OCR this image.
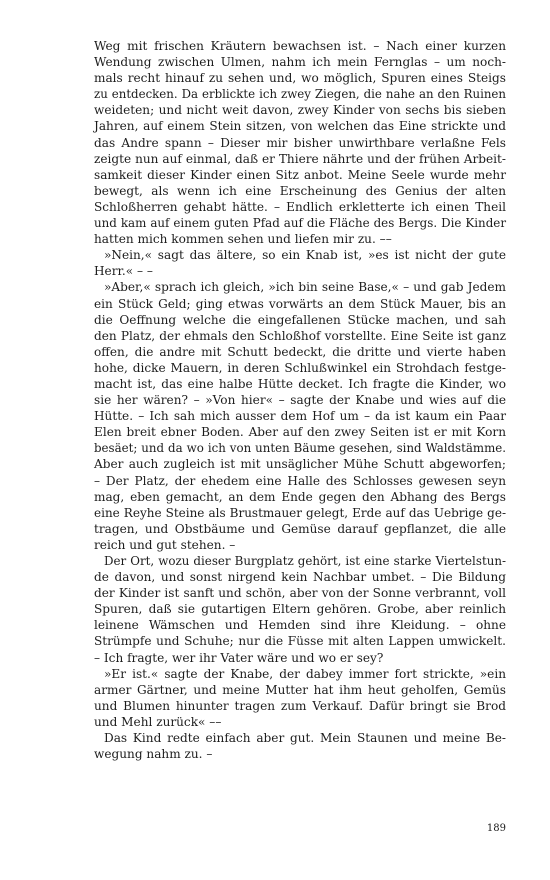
Weg mit frischen Kräutern bewachsen ist. – Nach einer kurzen
Wendung zwischen Ulmen, nahm ich mein Fernglas – um noch-
mals recht hinauf zu sehen und, wo möglich, Spuren eines Steigs
zu entdecken. Da erblickte ich zwey Ziegen, die nahe an den Ruinen
weideten; und nicht weit davon, zwey Kinder von sechs bis sieben
Jahren, auf einem Stein sitzen, von welchen das Eine strickte und
das Andre spann – Dieser mir bisher unwirthbare verlaßne Fels
zeigte nun auf einmal, daß er Thiere nährte und der frühen Arbeit-
samkeit dieser Kinder einen Sitz anbot. Meine Seele wurde mehr
bewegt, als wenn ich eine Erscheinung des Genius der alten
Schloßherren gehabt hätte. – Endlich erkletterte ich einen Theil
und kam auf einem guten Pfad auf die Fläche des Bergs. Die Kinder
hatten mich kommen sehen und liefen mir zu. ––
»Nein,« sagt das ältere, so ein Knab ist, »es ist nicht der gute
Herr.« – –
»Aber,« sprach ich gleich, »ich bin seine Base,« – und gab Jedem
ein Stück Geld; ging etwas vorwärts an dem Stück Mauer, bis an
die Oeffnung welche die eingefallenen Stücke machen, und sah
den Platz, der ehmals den Schloßhof vorstellte. Eine Seite ist ganz
offen, die andre mit Schutt bedeckt, die dritte und vierte haben
hohe, dicke Mauern, in deren Schlußwinkel ein Strohdach festge-
macht ist, das eine halbe Hütte decket. Ich fragte die Kinder, wo
sie her wären? – »Von hier« – sagte der Knabe und wies auf die
Hütte. – Ich sah mich ausser dem Hof um – da ist kaum ein Paar
Elen breit ebner Boden. Aber auf den zwey Seiten ist er mit Korn
besäet; und da wo ich von unten Bäume gesehen, sind Waldstämme.
Aber auch zugleich ist mit unsäglicher Mühe Schutt abgeworfen;
– Der Platz, der ehedem eine Halle des Schlosses gewesen seyn
mag, eben gemacht, an dem Ende gegen den Abhang des Bergs
eine Reyhe Steine als Brustmauer gelegt, Erde auf das Uebrige ge-
tragen, und Obstbäume und Gemüse darauf gepflanzet, die alle
reich und gut stehen. –
Der Ort, wozu dieser Burgplatz gehört, ist eine starke Viertelstun-
de davon, und sonst nirgend kein Nachbar umbet. – Die Bildung
der Kinder ist sanft und schön, aber von der Sonne verbrannt, voll
Spuren, daß sie gutartigen Eltern gehören. Grobe, aber reinlich
leinene Wämschen und Hemden sind ihre Kleidung. – ohne
Strümpfe und Schuhe; nur die Füsse mit alten Lappen umwickelt.
– Ich fragte, wer ihr Vater wäre und wo er sey?
»Er ist.« sagte der Knabe, der dabey immer fort strickte, »ein
armer Gärtner, und meine Mutter hat ihm heut geholfen, Gemüs
und Blumen hinunter tragen zum Verkauf. Dafür bringt sie Brod
und Mehl zurück« ––
Das Kind redte einfach aber gut. Mein Staunen und meine Be-
wegung nahm zu. –
189
